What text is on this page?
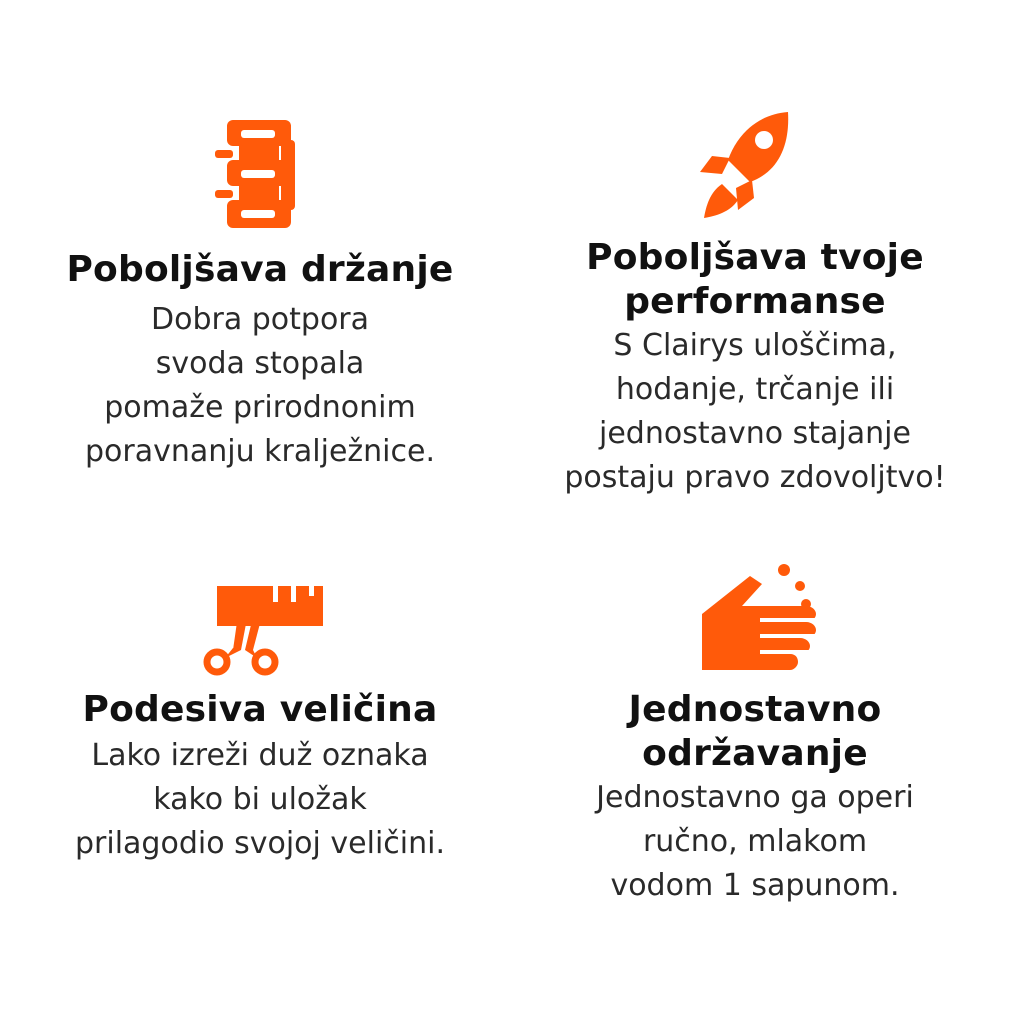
Poboljšava držanje
Dobra potpora
svoda stopala
pomaže prirodnonim
poravnanju kralježnice.
Poboljšava tvoje
performanse
S Clairys uloščima,
hodanje, trčanje ili
jednostavno stajanje
postaju pravo zdovoljtvo!
Podesiva veličina
Lako izreži duž oznaka
kako bi uložak
prilagodio svojoj veličini.
Jednostavno
održavanje
Jednostavno ga operi
ručno, mlakom
vodom 1 sapunom.
